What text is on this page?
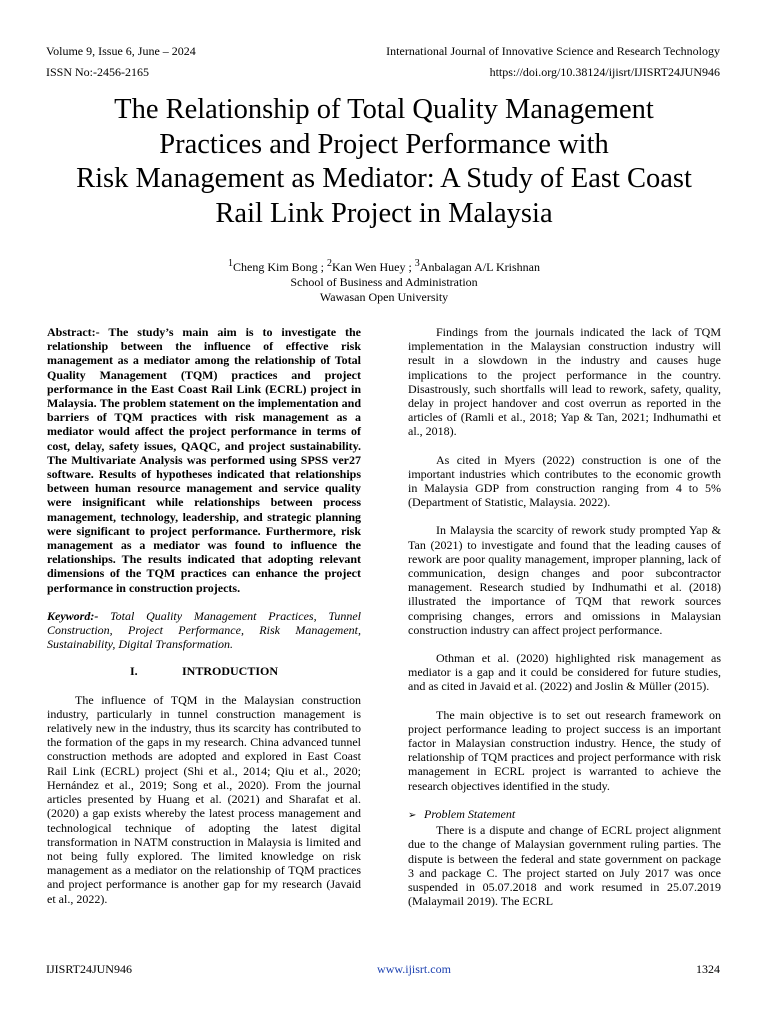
Volume 9, Issue 6, June – 2024	International Journal of Innovative Science and Research Technology
ISSN No:-2456-2165	https://doi.org/10.38124/ijisrt/IJISRT24JUN946
The Relationship of Total Quality Management
Practices and Project Performance with
Risk Management as Mediator: A Study of East Coast
Rail Link Project in Malaysia
$^1$Cheng Kim Bong ; $^2$Kan Wen Huey ; $^3$Anbalagan A/L Krishnan
School of Business and Administration
Wawasan Open University

Abstract:- The study’s main aim is to investigate the relationship between the influence of effective risk management as a mediator among the relationship of Total Quality Management (TQM) practices and project performance in the East Coast Rail Link (ECRL) project in Malaysia. The problem statement on the implementation and barriers of TQM practices with risk management as a mediator would affect the project performance in terms of cost, delay, safety issues, QAQC, and project sustainability. The Multivariate Analysis was performed using SPSS ver27 software. Results of hypotheses indicated that relationships between human resource management and service quality were insignificant while relationships between process management, technology, leadership, and strategic planning were significant to project performance. Furthermore, risk management as a mediator was found to influence the relationships. The results indicated that adopting relevant dimensions of the TQM practices can enhance the project performance in construction projects.

Keyword:- Total Quality Management Practices, Tunnel Construction, Project Performance, Risk Management, Sustainability, Digital Transformation.

I.	INTRODUCTION

The influence of TQM in the Malaysian construction industry, particularly in tunnel construction management is relatively new in the industry, thus its scarcity has contributed to the formation of the gaps in my research. China advanced tunnel construction methods are adopted and explored in East Coast Rail Link (ECRL) project (Shi et al., 2014; Qiu et al., 2020; Hernández et al., 2019; Song et al., 2020). From the journal articles presented by Huang et al. (2021) and Sharafat et al. (2020) a gap exists whereby the latest process management and technological technique of adopting the latest digital transformation in NATM construction in Malaysia is limited and not being fully explored. The limited knowledge on risk management as a mediator on the relationship of TQM practices and project performance is another gap for my research (Javaid et al., 2022).

Findings from the journals indicated the lack of TQM implementation in the Malaysian construction industry will result in a slowdown in the industry and causes huge implications to the project performance in the country. Disastrously, such shortfalls will lead to rework, safety, quality, delay in project handover and cost overrun as reported in the articles of (Ramli et al., 2018; Yap & Tan, 2021; Indhumathi et al., 2018).

As cited in Myers (2022) construction is one of the important industries which contributes to the economic growth in Malaysia GDP from construction ranging from 4 to 5% (Department of Statistic, Malaysia. 2022).

In Malaysia the scarcity of rework study prompted Yap & Tan (2021) to investigate and found that the leading causes of rework are poor quality management, improper planning, lack of communication, design changes and poor subcontractor management. Research studied by Indhumathi et al. (2018) illustrated the importance of TQM that rework sources comprising changes, errors and omissions in Malaysian construction industry can affect project performance.

Othman et al. (2020) highlighted risk management as mediator is a gap and it could be considered for future studies, and as cited in Javaid et al. (2022) and Joslin & Müller (2015).

The main objective is to set out research framework on project performance leading to project success is an important factor in Malaysian construction industry. Hence, the study of relationship of TQM practices and project performance with risk management in ECRL project is warranted to achieve the research objectives identified in the study.

➢ Problem Statement

There is a dispute and change of ECRL project alignment due to the change of Malaysian government ruling parties. The dispute is between the federal and state government on package 3 and package C. The project started on July 2017 was once suspended in 05.07.2018 and work resumed in 25.07.2019 (Malaymail 2019). The ECRL

IJISRT24JUN946	www.ijisrt.com	1324
